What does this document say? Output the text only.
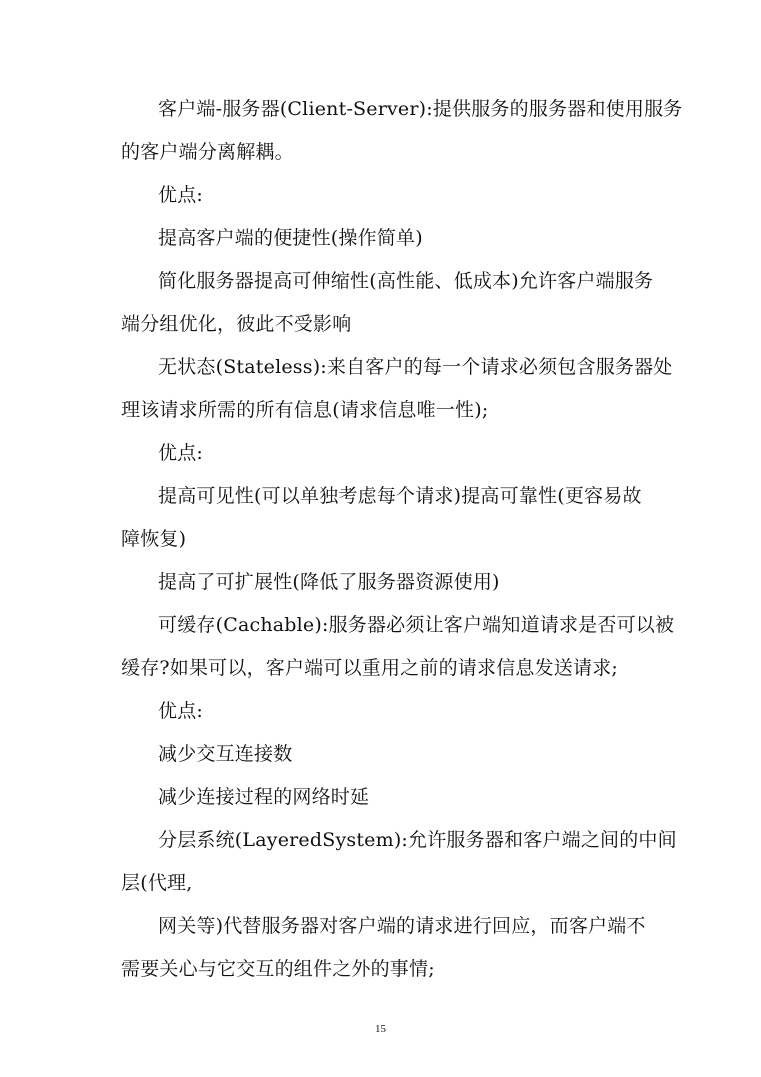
客户端-服务器(Client-Server):提供服务的服务器和使用服务
的客户端分离解耦。
优点:
提高客户端的便捷性(操作简单)
简化服务器提高可伸缩性(高性能、低成本)允许客户端服务
端分组优化，彼此不受影响
无状态(Stateless):来自客户的每一个请求必须包含服务器处
理该请求所需的所有信息(请求信息唯一性);
优点:
提高可见性(可以单独考虑每个请求)提高可靠性(更容易故
障恢复)
提高了可扩展性(降低了服务器资源使用)
可缓存(Cachable):服务器必须让客户端知道请求是否可以被
缓存?如果可以，客户端可以重用之前的请求信息发送请求;
优点:
减少交互连接数
减少连接过程的网络时延
分层系统(LayeredSystem):允许服务器和客户端之间的中间
层(代理,
网关等)代替服务器对客户端的请求进行回应，而客户端不
需要关心与它交互的组件之外的事情;
15
